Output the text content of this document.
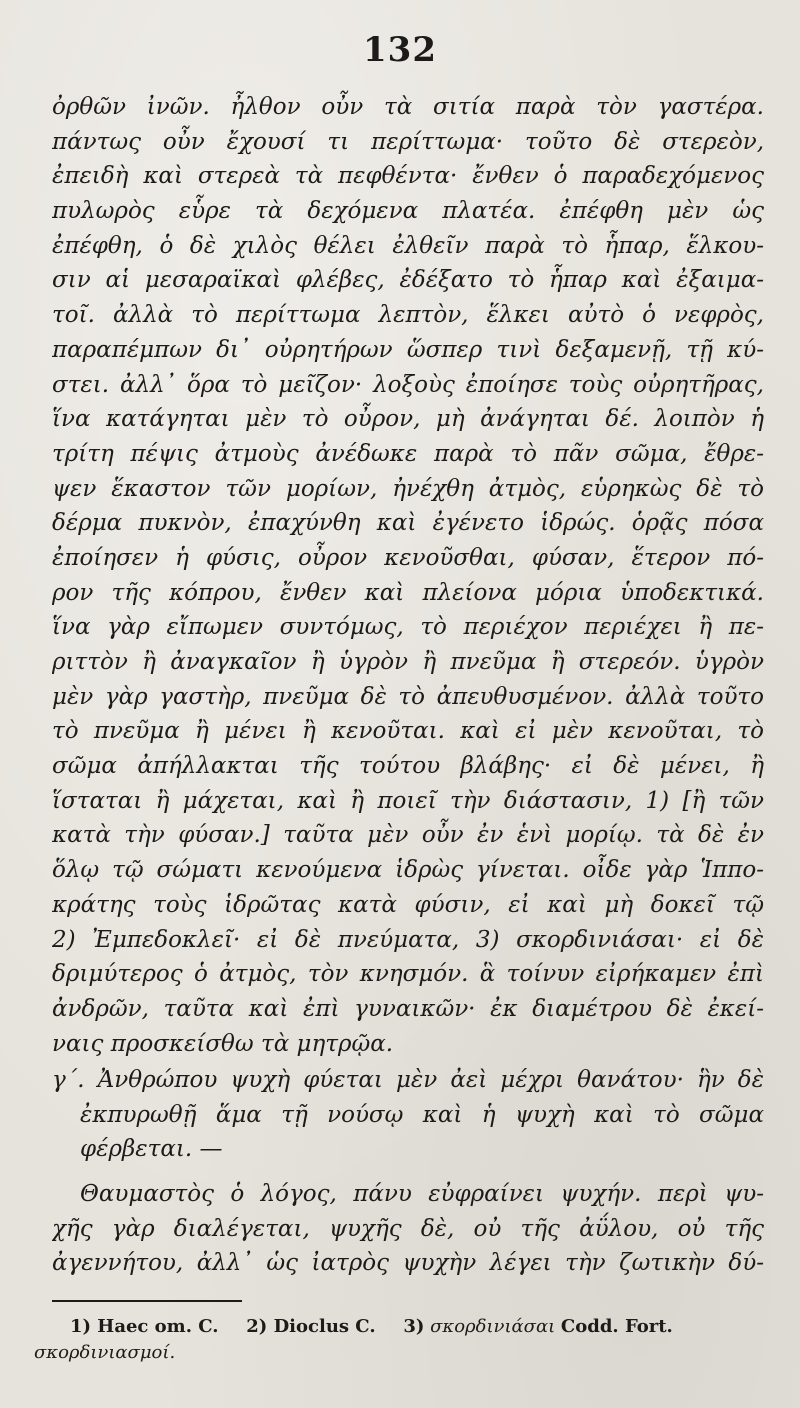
132
ὀρθῶν ἰνῶν. ἦλθον οὖν τὰ σιτία παρὰ τὸν γαστέρα.
πάντως οὖν ἔχουσί τι περίττωμα· τοῦτο δὲ στερεὸν,
ἐπειδὴ καὶ στερεὰ τὰ πεφθέντα· ἔνθεν ὁ παραδεχόμενος
πυλωρὸς εὗρε τὰ δεχόμενα πλατέα. ἐπέφθη μὲν ὡς
ἐπέφθη, ὁ δὲ χιλὸς θέλει ἐλθεῖν παρὰ τὸ ἧπαρ, ἕλκου-
σιν αἱ μεσαραϊκαὶ φλέβες, ἐδέξατο τὸ ἧπαρ καὶ ἐξαιμα-
τοῖ. ἀλλὰ τὸ περίττωμα λεπτὸν, ἕλκει αὐτὸ ὁ νεφρὸς,
παραπέμπων δι᾽ οὐρητήρων ὥσπερ τινὶ δεξαμενῇ, τῇ κύ-
στει. ἀλλ᾽ ὅρα τὸ μεῖζον· λοξοὺς ἐποίησε τοὺς οὐρητῆρας,
ἵνα κατάγηται μὲν τὸ οὖρον, μὴ ἀνάγηται δέ. λοιπὸν ἡ
τρίτη πέψις ἀτμοὺς ἀνέδωκε παρὰ τὸ πᾶν σῶμα, ἔθρε-
ψεν ἕκαστον τῶν μορίων, ἠνέχθη ἀτμὸς, εὑρηκὼς δὲ τὸ
δέρμα πυκνὸν, ἐπαχύνθη καὶ ἐγένετο ἱδρώς. ὁρᾷς πόσα
ἐποίησεν ἡ φύσις, οὖρον κενοῦσθαι, φύσαν, ἕτερον πό-
ρον τῆς κόπρου, ἔνθεν καὶ πλείονα μόρια ὑποδεκτικά.
ἵνα γὰρ εἴπωμεν συντόμως, τὸ περιέχον περιέχει ἢ πε-
ριττὸν ἢ ἀναγκαῖον ἢ ὑγρὸν ἢ πνεῦμα ἢ στερεόν. ὑγρὸν
μὲν γὰρ γαστὴρ, πνεῦμα δὲ τὸ ἀπευθυσμένον. ἀλλὰ τοῦτο
τὸ πνεῦμα ἢ μένει ἢ κενοῦται. καὶ εἰ μὲν κενοῦται, τὸ
σῶμα ἀπήλλακται τῆς τούτου βλάβης· εἰ δὲ μένει, ἢ
ἵσταται ἢ μάχεται, καὶ ἢ ποιεῖ τὴν διάστασιν, 1) [ἢ τῶν
κατὰ τὴν φύσαν.] ταῦτα μὲν οὖν ἐν ἑνὶ μορίῳ. τὰ δὲ ἐν
ὅλῳ τῷ σώματι κενούμενα ἱδρὼς γίνεται. οἶδε γὰρ Ἱππο-
κράτης τοὺς ἱδρῶτας κατὰ φύσιν, εἰ καὶ μὴ δοκεῖ τῷ
2) Ἐμπεδοκλεῖ· εἰ δὲ πνεύματα, 3) σκορδινιάσαι· εἰ δὲ
δριμύτερος ὁ ἀτμὸς, τὸν κνησμόν. ἃ τοίνυν εἰρήκαμεν ἐπὶ
ἀνδρῶν, ταῦτα καὶ ἐπὶ γυναικῶν· ἐκ διαμέτρου δὲ ἐκεί-
ναις προσκείσθω τὰ μητρῷα.
γ΄. Ἀνθρώπου ψυχὴ φύεται μὲν ἀεὶ μέχρι θανάτου· ἣν δὲ
ἐκπυρωθῇ ἅμα τῇ νούσῳ καὶ ἡ ψυχὴ καὶ τὸ σῶμα
φέρβεται. —
Θαυμαστὸς ὁ λόγος, πάνυ εὐφραίνει ψυχήν. περὶ ψυ-
χῆς γὰρ διαλέγεται, ψυχῆς δὲ, οὐ τῆς ἀΰλου, οὐ τῆς
ἀγεννήτου, ἀλλ᾽ ὡς ἰατρὸς ψυχὴν λέγει τὴν ζωτικὴν δύ-
1) Haec om. C. 2) Dioclus C. 3) σκορδινιάσαι Codd. Fort.
σκορδινιασμοί.
